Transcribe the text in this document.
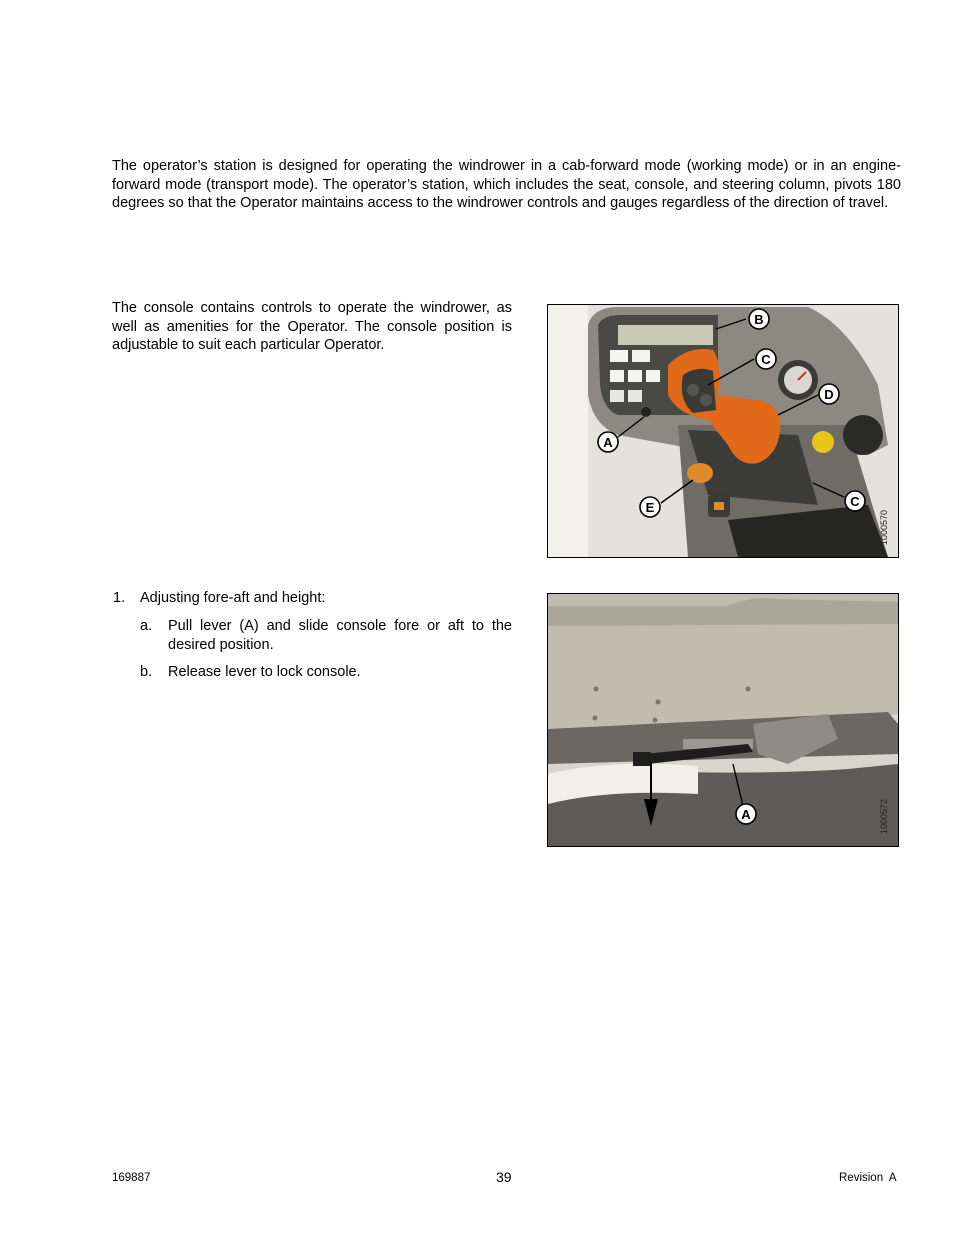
The operator’s station is designed for operating the windrower in a cab-forward mode (working mode) or in an engine-forward mode (transport mode). The operator’s station, which includes the seat, console, and steering column, pivots 180 degrees so that the Operator maintains access to the windrower controls and gauges regardless of the direction of travel.

The console contains controls to operate the windrower, as well as amenities for the Operator. The console position is adjustable to suit each particular Operator.

B
C
D
A
E	C
1000570
1. Adjusting fore-aft and height:
a. Pull lever (A) and slide console fore or aft to the desired position.
b. Release lever to lock console.
A	1000572
169887	39	Revision  A
